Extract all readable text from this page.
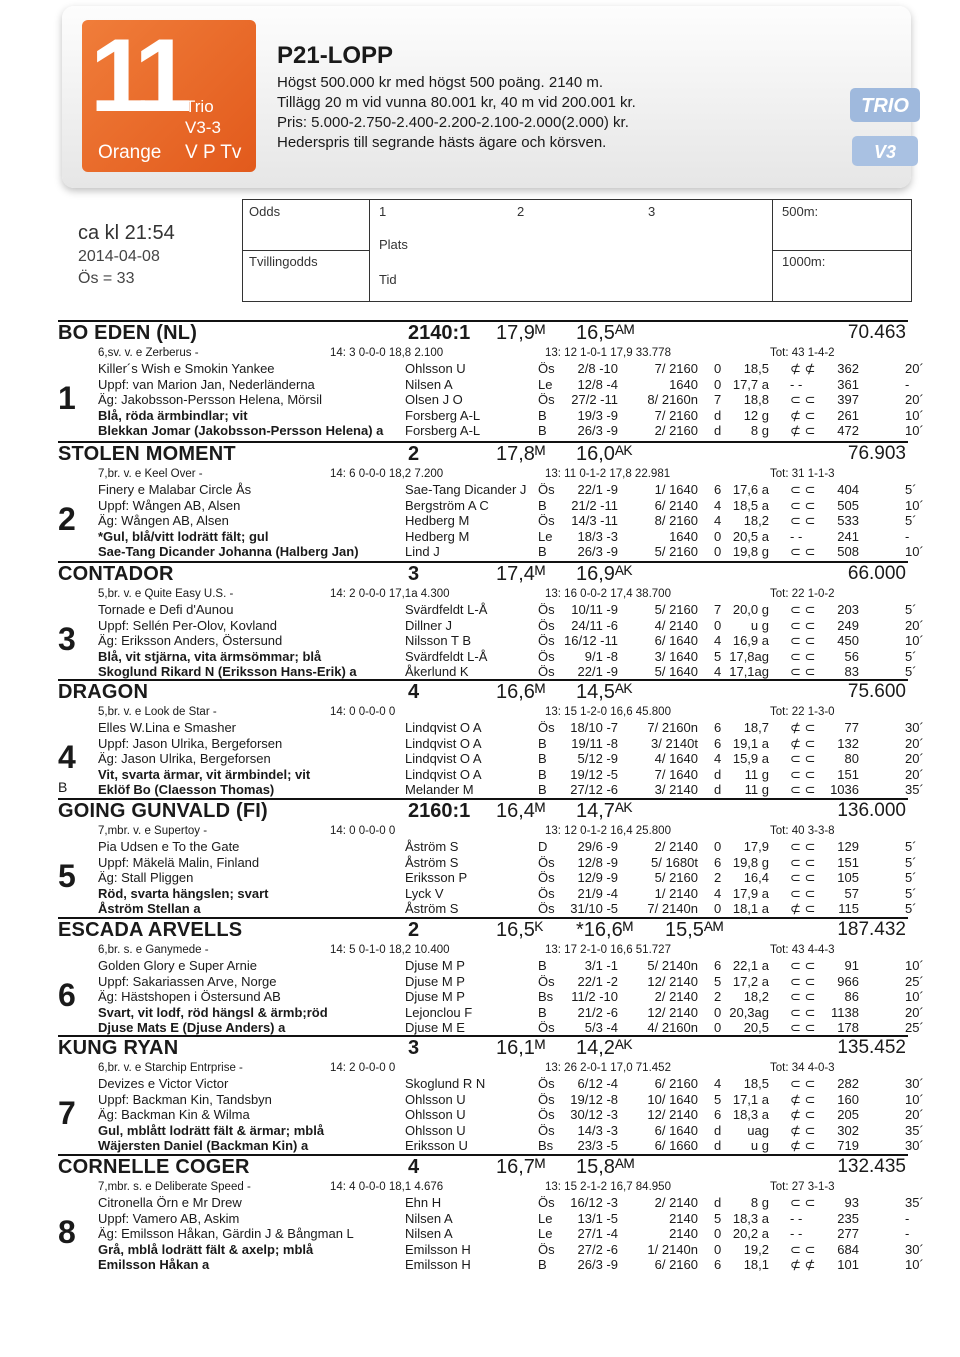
11 Trio
V3-3
Orange V P Tv
P21-LOPP
Högst 500.000 kr med högst 500 poäng. 2140 m.
Tillägg 20 m vid vunna 80.001 kr, 40 m vid 200.001 kr.
Pris: 5.000-2.750-2.400-2.200-2.100-2.000(2.000) kr.
Hederspris till segrande hästs ägare och körsven.
TRIO
V3
ca kl 21:54
2014-04-08
Ös = 33
Odds
Tvillingodds
1	2	3
Plats
Tid
500m:
1000m:
BO EDEN (NL)	2140:1 17,9ᴹ 16,5ᴬᴹ	70.463
6,sv. v. e Zerberus -	14: 3 0-0-0 18,8 2.100	13: 12 1-0-1 17,9 33.778	Tot: 43 1-4-2
Killer´s Wish e Smokin Yankee	Ohlsson U	Ös	2/8 -10	7/ 2160 0	18,5 ⊄ ⊄	362	20´
Uppf: van Marion Jan, Nederländerna	Nilsen A	Le	12/8 -4	1640 0 17,7 a - -	361	-
Äg: Jakobsson-Persson Helena, Mörsil	Olsen J O	Ös	27/2 -11	8/ 2160n 7	18,8 ⊂ ⊂	397	20´
Blå, röda ärmbindlar; vit	Forsberg A-L	B	19/3 -9	7/ 2160 d	12 g ⊄ ⊂	261	10´
Blekkan Jomar (Jakobsson-Persson Helena) a Forsberg A-L	B	26/3 -9	2/ 2160 d	8 g ⊄ ⊂	472	10´
1
STOLEN MOMENT	2	17,8ᴹ 16,0ᴬᴷ	76.903
7,br. v. e Keel Over -	14: 6 0-0-0 18,2 7.200	13: 11 0-1-2 17,8 22.981	Tot: 31 1-1-3
Finery e Malabar Circle Ås	Sae-Tang Dicander J Ös	22/1 -9	1/ 1640 6 17,6 a ⊂ ⊂	404	5´
Uppf: Wången AB, Alsen	Bergström A C	B	21/2 -11	6/ 2140 4 18,5 a ⊂ ⊂	505	10´
Äg: Wången AB, Alsen	Hedberg M	Ös	14/3 -11	8/ 2160 4	18,2 ⊂ ⊂	533	5´
*Gul, blå/vitt lodrätt fält; gul	Hedberg M	Le	18/3 -3	1640 0 20,5 a - -	241	-
Sae-Tang Dicander Johanna (Halberg Jan)	Lind J	B	26/3 -9	5/ 2160 0 19,8 g ⊂ ⊂	508	10´
2
CONTADOR	3	17,4ᴹ 16,9ᴬᴷ	66.000
5,br. v. e Quite Easy U.S. -	14: 2 0-0-0 17,1a 4.300	13: 16 0-0-2 17,4 38.700	Tot: 22 1-0-2
Tornade e Defi d'Aunou	Svärdfeldt L-Å	Ös	10/11 -9	5/ 2160 7 20,0 g ⊂ ⊂	203	5´
Uppf: Sellén Per-Olov, Kovland	Dillner J	Ös	24/11 -6	4/ 2140 0	u g ⊂ ⊂	249	20´
Äg: Eriksson Anders, Östersund	Nilsson T B	Ös 16/12 -11	6/ 1640 4 16,9 a ⊂ ⊂	450	10´
Blå, vit stjärna, vita ärmsömmar; blå	Svärdfeldt L-Å	Ös	9/1 -8	3/ 1640 5 17,8ag ⊂ ⊂	56	5´
Skoglund Rikard N (Eriksson Hans-Erik) a	Åkerlund K	Ös	22/1 -9	5/ 1640 4 17,1ag ⊂ ⊂	83	5´
3
DRAGON	4	16,6ᴹ 14,5ᴬᴷ	75.600
5,br. v. e Look de Star -	14: 0 0-0-0 0	13: 15 1-2-0 16,6 45.800	Tot: 22 1-3-0
Elles W.Lina e Smasher	Lindqvist O A	Ös	18/10 -7	7/ 2160n 6	18,7 ⊄ ⊂	77	30´
Uppf: Jason Ulrika, Bergeforsen	Lindqvist O A	B	19/11 -8	3/ 2140t 6 19,1 a ⊄ ⊂	132	20´
Äg: Jason Ulrika, Bergeforsen	Lindqvist O A	B	5/12 -9	4/ 1640 4 15,9 a ⊂ ⊂	80	20´
Vit, svarta ärmar, vit ärmbindel; vit	Lindqvist O A	B	19/12 -5	7/ 1640 d	11 g ⊂ ⊂	151	20´
Eklöf Bo (Claesson Thomas)	Melander M	B	27/12 -6	3/ 2140 d	11 g ⊂ ⊂	1036	35´
4
B
GOING GUNVALD (FI)	2160:1 16,4ᴹ 14,7ᴬᴷ	136.000
7,mbr. v. e Supertoy -	14: 0 0-0-0 0	13: 12 0-1-2 16,4 25.800	Tot: 40 3-3-8
Pia Udsen e To the Gate	Åström S	D	29/6 -9	2/ 2140 0	17,9 ⊂ ⊂	129	5´
Uppf: Mäkelä Malin, Finland	Åström S	Ös	12/8 -9	5/ 1680t 6 19,8 g ⊂ ⊂	151	5´
Äg: Stall Pliggen	Eriksson P	Ös	12/9 -9	5/ 2160 2	16,4 ⊂ ⊂	105	5´
Röd, svarta hängslen; svart	Lyck V	Ös	21/9 -4	1/ 2140 4 17,9 a ⊂ ⊂	57	5´
Åström Stellan a	Åström S	Ös	31/10 -5	7/ 2140n 0 18,1 a ⊄ ⊂	115	5´
5
ESCADA ARVELLS	2	16,5ᴷ *16,6ᴹ 15,5ᴬᴹ	187.432
6,br. s. e Ganymede -	14: 5 0-1-0 18,2 10.400	13: 17 2-1-0 16,6 51.727	Tot: 43 4-4-3
Golden Glory e Super Arnie	Djuse M P	B	3/1 -1	5/ 2140n 6 22,1 a ⊂ ⊂	91	10´
Uppf: Sakariassen Arve, Norge	Djuse M P	Ös	22/1 -2	12/ 2140 5 17,2 a ⊂ ⊂	966	25´
Äg: Hästshopen i Östersund AB	Djuse M P	Bs	11/2 -10	2/ 2140 2	18,2 ⊂ ⊂	86	10´
Svart, vit lodf, röd hängsl & ärmb;röd	Lejonclou F	B	21/2 -6	12/ 2140 0 20,3ag ⊂ ⊂	1138	20´
Djuse Mats E (Djuse Anders) a	Djuse M E	Ös	5/3 -4	4/ 2160n 0	20,5 ⊂ ⊂	178	25´
6
KUNG RYAN	3	16,1ᴹ 14,2ᴬᴷ	135.452
6,br. v. e Starchip Entrprise -	14: 2 0-0-0 0	13: 26 2-0-1 17,0 71.452	Tot: 34 4-0-3
Devizes e Victor Victor	Skoglund R N	Ös	6/12 -4	6/ 2160 4	18,5 ⊂ ⊂	282	30´
Uppf: Backman Kin, Tandsbyn	Ohlsson U	Ös	19/12 -8	10/ 1640 5 17,1 a ⊄ ⊂	160	10´
Äg: Backman Kin & Wilma	Ohlsson U	Ös	30/12 -3	12/ 2140 6 18,3 a ⊄ ⊂	205	20´
Gul, mblått lodrätt fält & ärmar; mblå	Ohlsson U	Ös	14/3 -3	6/ 1640 d	uag ⊄ ⊂	302	35´
Wäjersten Daniel (Backman Kin) a	Eriksson U	Bs	23/3 -5	6/ 1660 d	u g ⊄ ⊂	719	30´
7
CORNELLE COGER	4	16,7ᴹ 15,8ᴬᴹ	132.435
7,mbr. s. e Deliberate Speed -	14: 4 0-0-0 18,1 4.676	13: 15 2-1-2 16,7 84.950	Tot: 27 3-1-3
Citronella Örn e Mr Drew	Ehn H	Ös	16/12 -3	2/ 2140 d	8 g ⊂ ⊂	93	35´
Uppf: Vamero AB, Askim	Nilsen A	Le	13/1 -5	2140 5 18,3 a - -	235	-
Äg: Emilsson Håkan, Gärdin J & Bångman L	Nilsen A	Le	27/1 -4	2140 0 20,2 a - -	277	-
Grå, mblå lodrätt fält & axelp; mblå	Emilsson H	Ös	27/2 -6	1/ 2140n 0	19,2 ⊂ ⊂	684	30´
Emilsson Håkan a	Emilsson H	B	26/3 -9	6/ 2160 6	18,1 ⊄ ⊄	101	10´
8
